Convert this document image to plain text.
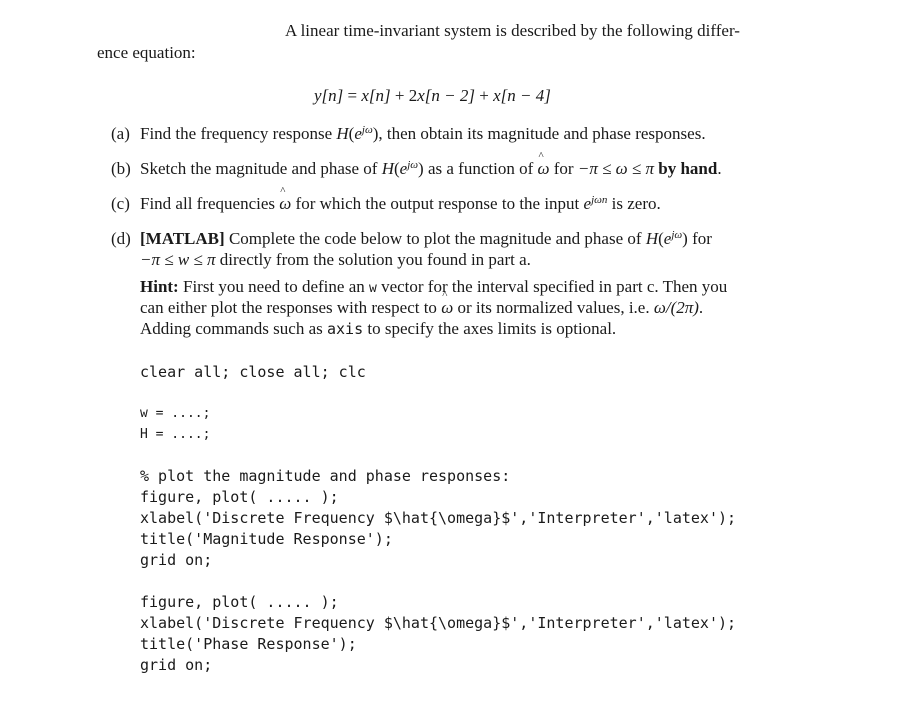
A linear time-invariant system is described by the following differ-
ence equation:
y[n] = x[n] + 2x[n − 2] + x[n − 4]
(a) Find the frequency response $H(e^{j\omega})$, then obtain its magnitude and phase responses.
(b) Sketch the magnitude and phase of $H(e^{j\omega})$ as a function of ^ ω for −π ≤ ω ≤ π by hand.
(c) Find all frequencies ^ ω for which the output response to the input $e^{j\omega n}$ is zero.
(d) [MATLAB] Complete the code below to plot the magnitude and phase of $H(e^{j\omega})$ for
−π ≤ w ≤ π directly from the solution you found in part a.
Hint: First you need to define an w vector for the interval specified in part c. Then you
can either plot the responses with respect to ^ ω or its normalized values, i.e. ω/(2π).
Adding commands such as axis to specify the axes limits is optional.
clear all; close all; clc
w = ....;
H = ....;
% plot the magnitude and phase responses:
figure, plot( ..... );
xlabel('Discrete Frequency $\hat{\omega}$','Interpreter','latex');
title('Magnitude Response');
grid on;
figure, plot( ..... );
xlabel('Discrete Frequency $\hat{\omega}$','Interpreter','latex');
title('Phase Response');
grid on;
